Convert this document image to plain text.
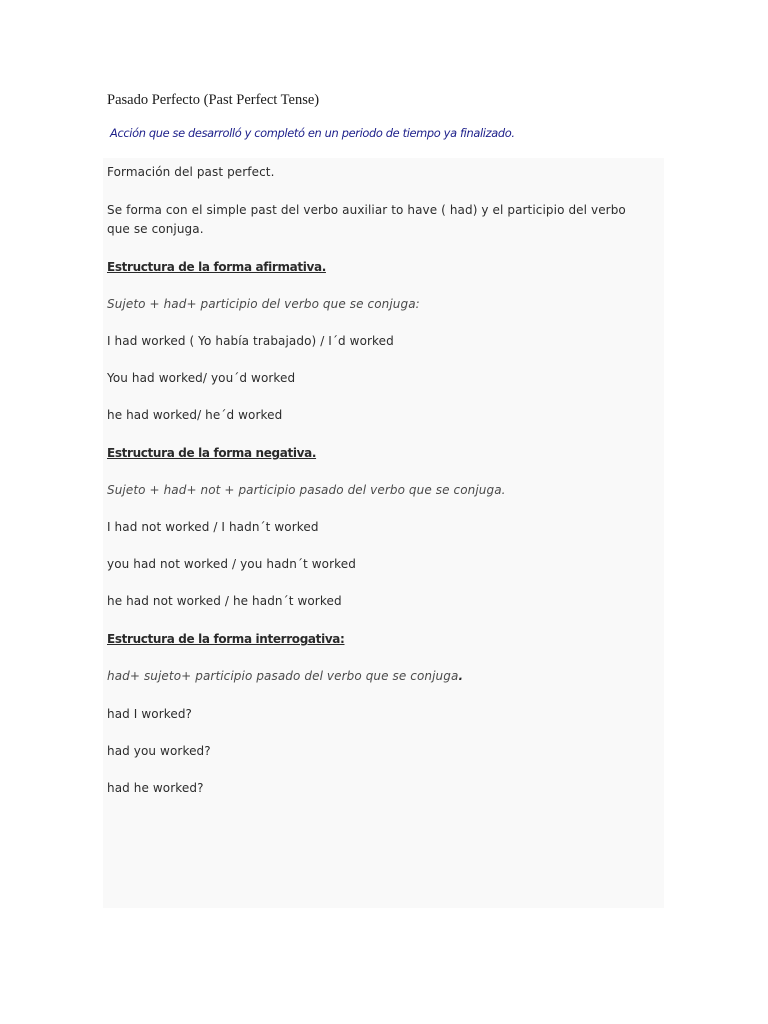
Pasado Perfecto (Past Perfect Tense)
Acción que se desarrolló y completó en un periodo de tiempo ya finalizado.
Formación del past perfect.
Se forma con el simple past del verbo auxiliar to have ( had) y el participio del verbo que se conjuga.
Estructura de la forma afirmativa.
Sujeto + had+ participio del verbo que se conjuga:
I had worked ( Yo había trabajado) / I´d worked
You had worked/ you´d worked
he had worked/ he´d worked
Estructura de la forma negativa.
Sujeto + had+ not + participio pasado del verbo que se conjuga.
I had not worked / I hadn´t worked
you had not worked / you hadn´t worked
he had not worked / he hadn´t worked
Estructura de la forma interrogativa:
had+ sujeto+ participio pasado del verbo que se conjuga.
had I worked?
had you worked?
had he worked?
